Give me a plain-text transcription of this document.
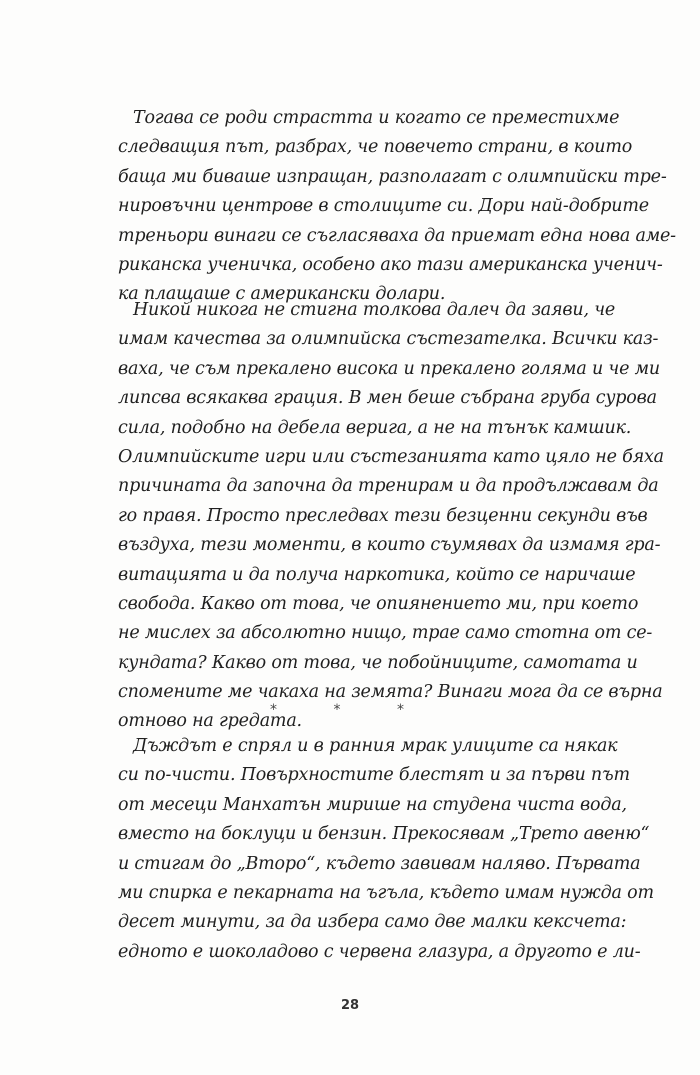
Тогава се роди страстта и когато се преместихме
следващия път, разбрах, че повечето страни, в които
баща ми биваше изпращан, разполагат с олимпийски тре-
нировъчни центрове в столиците си. Дори най-добрите
треньори винаги се съгласяваха да приемат една нова аме-
риканска ученичка, особено ако тази американска ученич-
ка плащаше с американски долари.
Никой никога не стигна толкова далеч да заяви, че
имам качества за олимпийска състезателка. Всички каз-
ваха, че съм прекалено висока и прекалено голяма и че ми
липсва всякаква грация. В мен беше събрана груба сурова
сила, подобно на дебела верига, а не на тънък камшик.
Олимпийските игри или състезанията като цяло не бяха
причината да започна да тренирам и да продължавам да
го правя. Просто преследвах тези безценни секунди във
въздуха, тези моменти, в които съумявах да измамя гра-
витацията и да получа наркотика, който се наричаше
свобода. Какво от това, че опиянението ми, при което
не мислех за абсолютно нищо, трае само стотна от се-
кундата? Какво от това, че побойниците, самотата и
спомените ме чакаха на земята? Винаги мога да се върна
отново на гредата.
* * *
Дъждът е спрял и в ранния мрак улиците са някак
си по-чисти. Повърхностите блестят и за първи път
от месеци Манхатън мирише на студена чиста вода,
вместо на боклуци и бензин. Прекосявам „Трето авеню“
и стигам до „Второ“, където завивам наляво. Първата
ми спирка е пекарната на ъгъла, където имам нужда от
десет минути, за да избера само две малки кексчета:
едното е шоколадово с червена глазура, а другото е ли-
28
